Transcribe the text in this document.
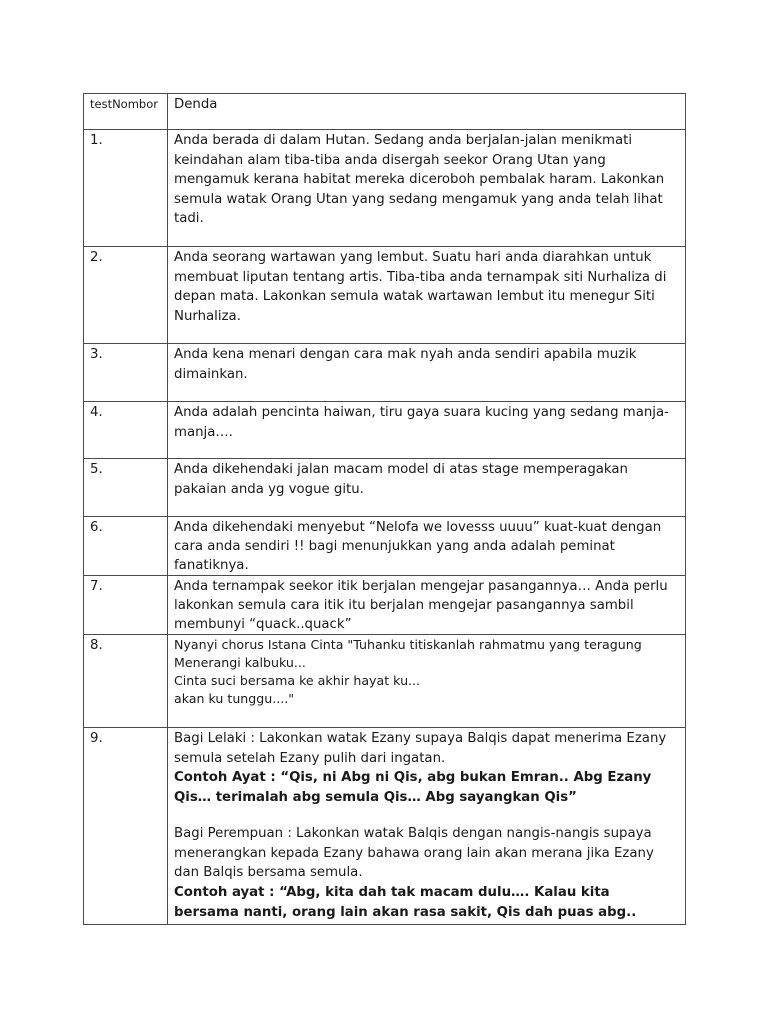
testNombor	Denda
1.	Anda berada di dalam Hutan. Sedang anda berjalan-jalan menikmati keindahan alam tiba-tiba anda disergah seekor Orang Utan yang mengamuk kerana habitat mereka diceroboh pembalak haram. Lakonkan semula watak Orang Utan yang sedang mengamuk yang anda telah lihat tadi.
2.	Anda seorang wartawan yang lembut. Suatu hari anda diarahkan untuk membuat liputan tentang artis. Tiba-tiba anda ternampak siti Nurhaliza di depan mata. Lakonkan semula watak wartawan lembut itu menegur Siti Nurhaliza.
3.	Anda kena menari dengan cara mak nyah anda sendiri apabila muzik dimainkan.
4.	Anda adalah pencinta haiwan, tiru gaya suara kucing yang sedang manja-manja….
5.	Anda dikehendaki jalan macam model di atas stage memperagakan pakaian anda yg vogue gitu.
6.	Anda dikehendaki menyebut “Nelofa we lovesss uuuu” kuat-kuat dengan cara anda sendiri !! bagi menunjukkan yang anda adalah peminat fanatiknya.
7.	Anda ternampak seekor itik berjalan mengejar pasangannya… Anda perlu lakonkan semula cara itik itu berjalan mengejar pasangannya sambil membunyi “quack..quack”
8.	Nyanyi chorus Istana Cinta "Tuhanku titiskanlah rahmatmu yang teragung Menerangi kalbuku...
Cinta suci bersama ke akhir hayat ku...
akan ku tunggu...."

9.	Bagi Lelaki : Lakonkan watak Ezany supaya Balqis dapat menerima Ezany semula setelah Ezany pulih dari ingatan.
Contoh Ayat : “Qis, ni Abg ni Qis, abg bukan Emran.. Abg Ezany Qis… terimalah abg semula Qis… Abg sayangkan Qis”
Bagi Perempuan : Lakonkan watak Balqis dengan nangis-nangis supaya menerangkan kepada Ezany bahawa orang lain akan merana jika Ezany dan Balqis bersama semula.
Contoh ayat : “Abg, kita dah tak macam dulu…. Kalau kita bersama nanti, orang lain akan rasa sakit, Qis dah puas abg..
